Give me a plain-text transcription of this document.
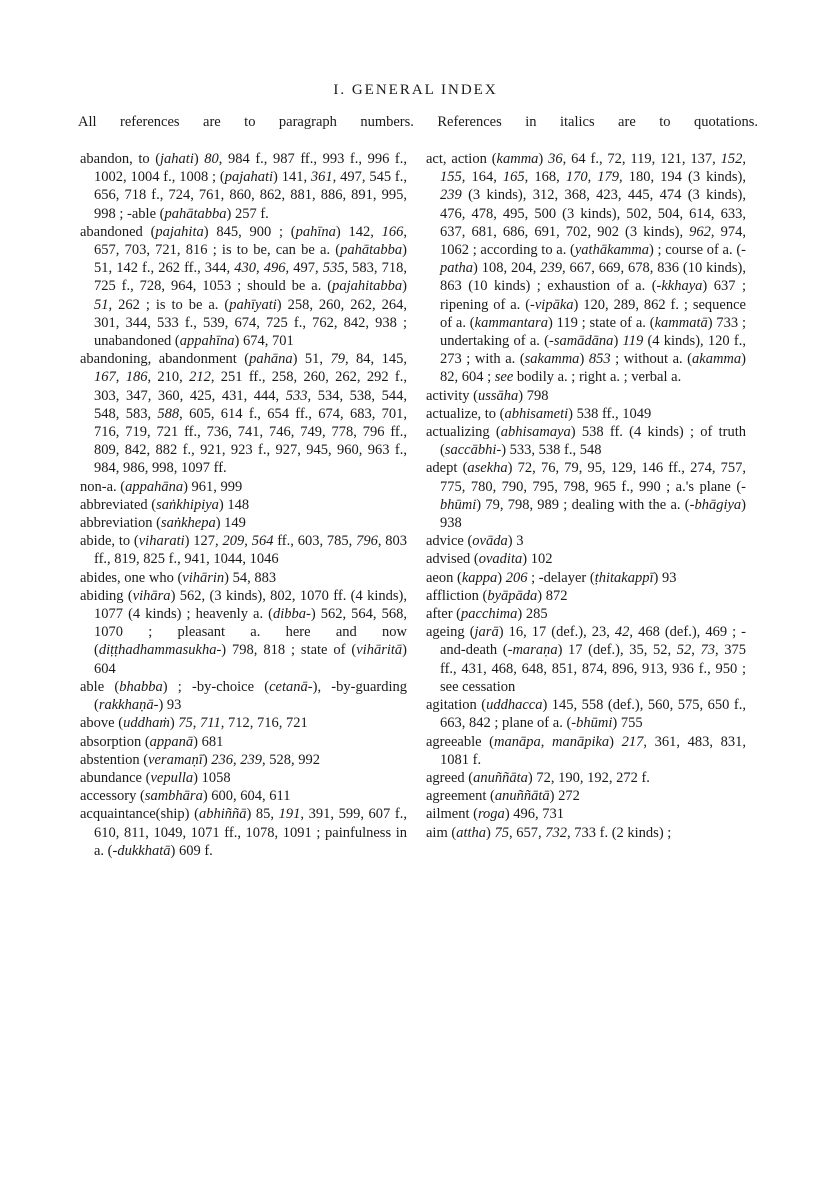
I. GENERAL INDEX
All references are to paragraph numbers. References in italics are to quotations.

abandon, to (jahati) 80, 984 f., 987 ff., 993 f., 996 f., 1002, 1004 f., 1008 ; (pajahati) 141, 361, 497, 545 f., 656, 718 f., 724, 761, 860, 862, 881, 886, 891, 995, 998 ; -able (pahātabba) 257 f.

abandoned (pajahita) 845, 900 ; (pahīna) 142, 166, 657, 703, 721, 816 ; is to be, can be a. (pahātabba) 51, 142 f., 262 ff., 344, 430, 496, 497, 535, 583, 718, 725 f., 728, 964, 1053 ; should be a. (pajahitabba) 51, 262 ; is to be a. (pahīyati) 258, 260, 262, 264, 301, 344, 533 f., 539, 674, 725 f., 762, 842, 938 ; unabandoned (appahīna) 674, 701

abandoning, abandonment (pahāna) 51, 79, 84, 145, 167, 186, 210, 212, 251 ff., 258, 260, 262, 292 f., 303, 347, 360, 425, 431, 444, 533, 534, 538, 544, 548, 583, 588, 605, 614 f., 654 ff., 674, 683, 701, 716, 719, 721 ff., 736, 741, 746, 749, 778, 796 ff., 809, 842, 882 f., 921, 923 f., 927, 945, 960, 963 f., 984, 986, 998, 1097 ff.

non-a. (appahāna) 961, 999

abbreviated (saṅkhipiya) 148

abbreviation (saṅkhepa) 149

abide, to (viharati) 127, 209, 564 ff., 603, 785, 796, 803 ff., 819, 825 f., 941, 1044, 1046

abides, one who (vihārin) 54, 883

abiding (vihāra) 562, (3 kinds), 802, 1070 ff. (4 kinds), 1077 (4 kinds) ; heavenly a. (dibba-) 562, 564, 568, 1070 ; pleasant a. here and now (diṭṭhadhammasukha-) 798, 818 ; state of (vihāritā) 604

able (bhabba) ; -by-choice (cetanā-), -by-guarding (rakkhaṇā-) 93

above (uddhaṁ) 75, 711, 712, 716, 721

absorption (appanā) 681

abstention (veramaṇī) 236, 239, 528, 992

abundance (vepulla) 1058

accessory (sambhāra) 600, 604, 611

acquaintance(ship) (abhiññā) 85, 191, 391, 599, 607 f., 610, 811, 1049, 1071 ff., 1078, 1091 ; painfulness in a. (-dukkhatā) 609 f.

act, action (kamma) 36, 64 f., 72, 119, 121, 137, 152, 155, 164, 165, 168, 170, 179, 180, 194 (3 kinds), 239 (3 kinds), 312, 368, 423, 445, 474 (3 kinds), 476, 478, 495, 500 (3 kinds), 502, 504, 614, 633, 637, 681, 686, 691, 702, 902 (3 kinds), 962, 974, 1062 ; according to a. (yathākamma) ; course of a. (-patha) 108, 204, 239, 667, 669, 678, 836 (10 kinds), 863 (10 kinds) ; exhaustion of a. (-kkhaya) 637 ; ripening of a. (-vipāka) 120, 289, 862 f. ; sequence of a. (kammantara) 119 ; state of a. (kammatā) 733 ; undertaking of a. (-samādāna) 119 (4 kinds), 120 f., 273 ; with a. (sakamma) 853 ; without a. (akamma) 82, 604 ; see bodily a. ; right a. ; verbal a.

activity (ussāha) 798

actualize, to (abhisameti) 538 ff., 1049

actualizing (abhisamaya) 538 ff. (4 kinds) ; of truth (saccābhi-) 533, 538 f., 548

adept (asekha) 72, 76, 79, 95, 129, 146 ff., 274, 757, 775, 780, 790, 795, 798, 965 f., 990 ; a.'s plane (-bhūmi) 79, 798, 989 ; dealing with the a. (-bhāgiya) 938

advice (ovāda) 3

advised (ovadita) 102

aeon (kappa) 206 ; -delayer (ṭhitakappī) 93

affliction (byāpāda) 872

after (pacchima) 285

ageing (jarā) 16, 17 (def.), 23, 42, 468 (def.), 469 ; -and-death (-maraṇa) 17 (def.), 35, 52, 52, 73, 375 ff., 431, 468, 648, 851, 874, 896, 913, 936 f., 950 ; see cessation

agitation (uddhacca) 145, 558 (def.), 560, 575, 650 f., 663, 842 ; plane of a. (-bhūmi) 755

agreeable (manāpa, manāpika) 217, 361, 483, 831, 1081 f.

agreed (anuññāta) 72, 190, 192, 272 f.

agreement (anuññātā) 272

ailment (roga) 496, 731

aim (attha) 75, 657, 732, 733 f. (2 kinds) ;
